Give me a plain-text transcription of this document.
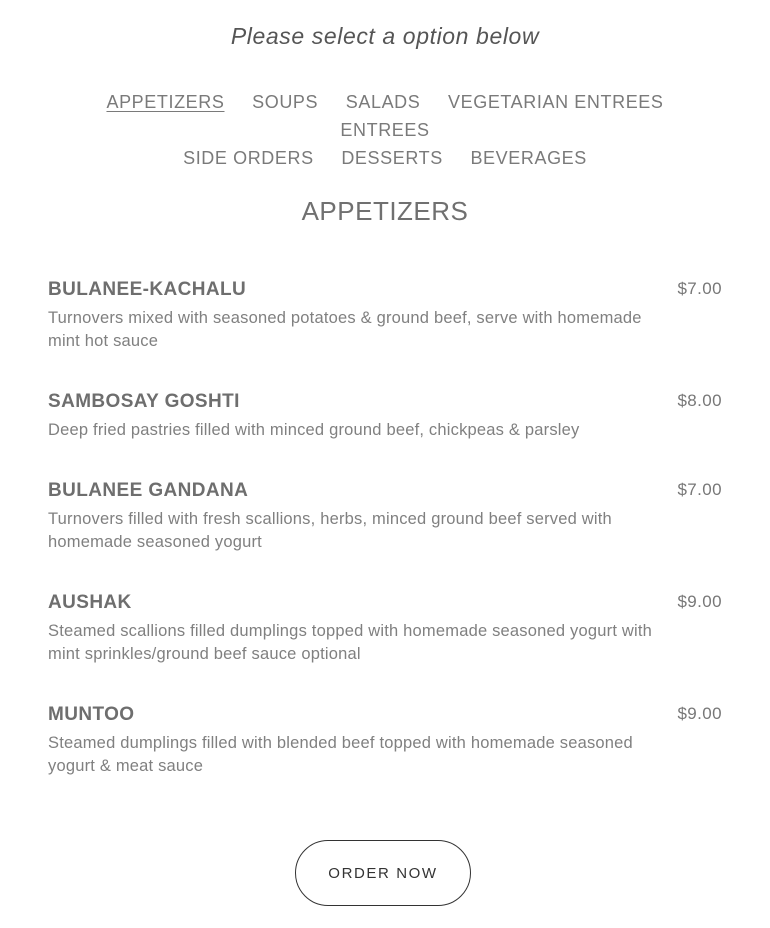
Please select a option below
APPETIZERS SOUPS SALADS VEGETARIAN ENTREES ENTREES
SIDE ORDERS DESSERTS BEVERAGES
APPETIZERS
BULANEE-KACHALU	$7.00
Turnovers mixed with seasoned potatoes & ground beef, serve with homemade mint hot sauce
SAMBOSAY GOSHTI	$8.00
Deep fried pastries filled with minced ground beef, chickpeas & parsley
BULANEE GANDANA	$7.00
Turnovers filled with fresh scallions, herbs, minced ground beef served with homemade seasoned yogurt
AUSHAK	$9.00
Steamed scallions filled dumplings topped with homemade seasoned yogurt with mint sprinkles/ground beef sauce optional
MUNTOO	$9.00
Steamed dumplings filled with blended beef topped with homemade seasoned yogurt & meat sauce
ORDER NOW
